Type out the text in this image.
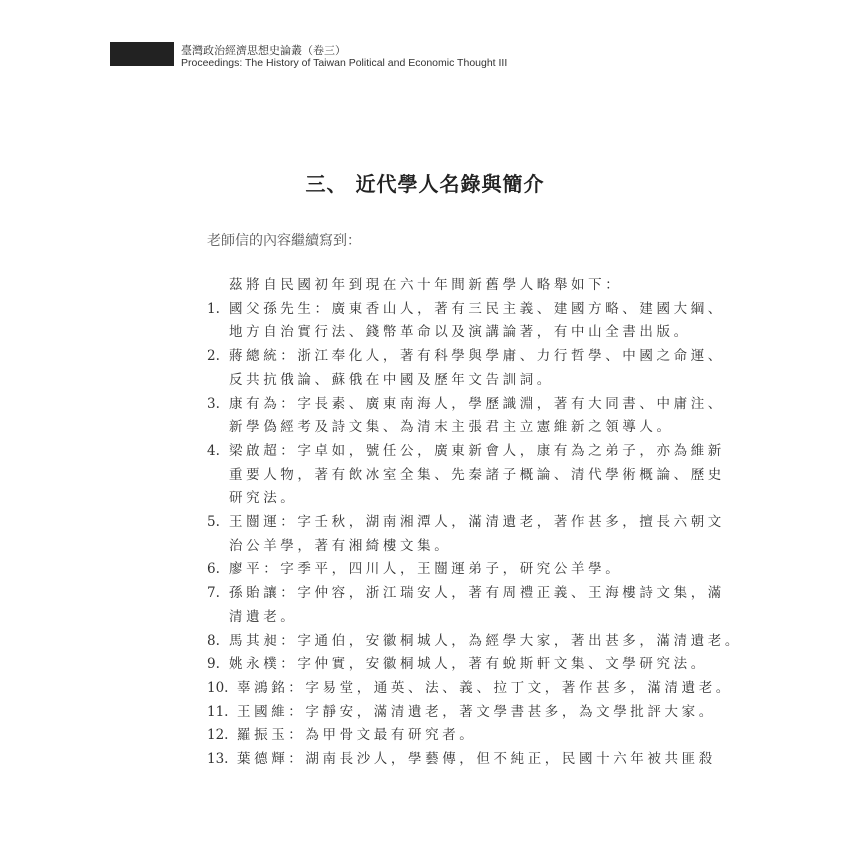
臺灣政治經濟思想史論叢（卷三）
Proceedings: The History of Taiwan Political and Economic Thought III
三、 近代學人名錄與簡介
老師信的內容繼續寫到：
茲將自民國初年到現在六十年間新舊學人略舉如下：
1. 國父孫先生：廣東香山人，著有三民主義、建國方略、建國大綱、
地方自治實行法、錢幣革命以及演講論著，有中山全書出版。
2. 蔣總統：浙江奉化人，著有科學與學庸、力行哲學、中國之命運、
反共抗俄論、蘇俄在中國及歷年文告訓詞。
3. 康有為：字長素、廣東南海人，學歷識淵，著有大同書、中庸注、
新學偽經考及詩文集、為清末主張君主立憲維新之領導人。
4. 梁啟超：字卓如，號任公，廣東新會人，康有為之弟子，亦為維新
重要人物，著有飲冰室全集、先秦諸子概論、清代學術概論、歷史
研究法。
5. 王闓運：字壬秋，湖南湘潭人，滿清遺老，著作甚多，擅長六朝文
治公羊學，著有湘綺樓文集。
6. 廖平：字季平，四川人，王闓運弟子，研究公羊學。
7. 孫貽讓：字仲容，浙江瑞安人，著有周禮正義、王海樓詩文集，滿
清遺老。
8. 馬其昶：字通伯，安徽桐城人，為經學大家，著出甚多，滿清遺老。
9. 姚永樸：字仲實，安徽桐城人，著有蛻斯軒文集、文學研究法。
10. 辜鴻銘：字易堂，通英、法、義、拉丁文，著作甚多，滿清遺老。
11. 王國維：字靜安，滿清遺老，著文學書甚多，為文學批評大家。
12. 羅振玉：為甲骨文最有研究者。
13. 葉德輝：湖南長沙人，學藝傳，但不純正，民國十六年被共匪殺
